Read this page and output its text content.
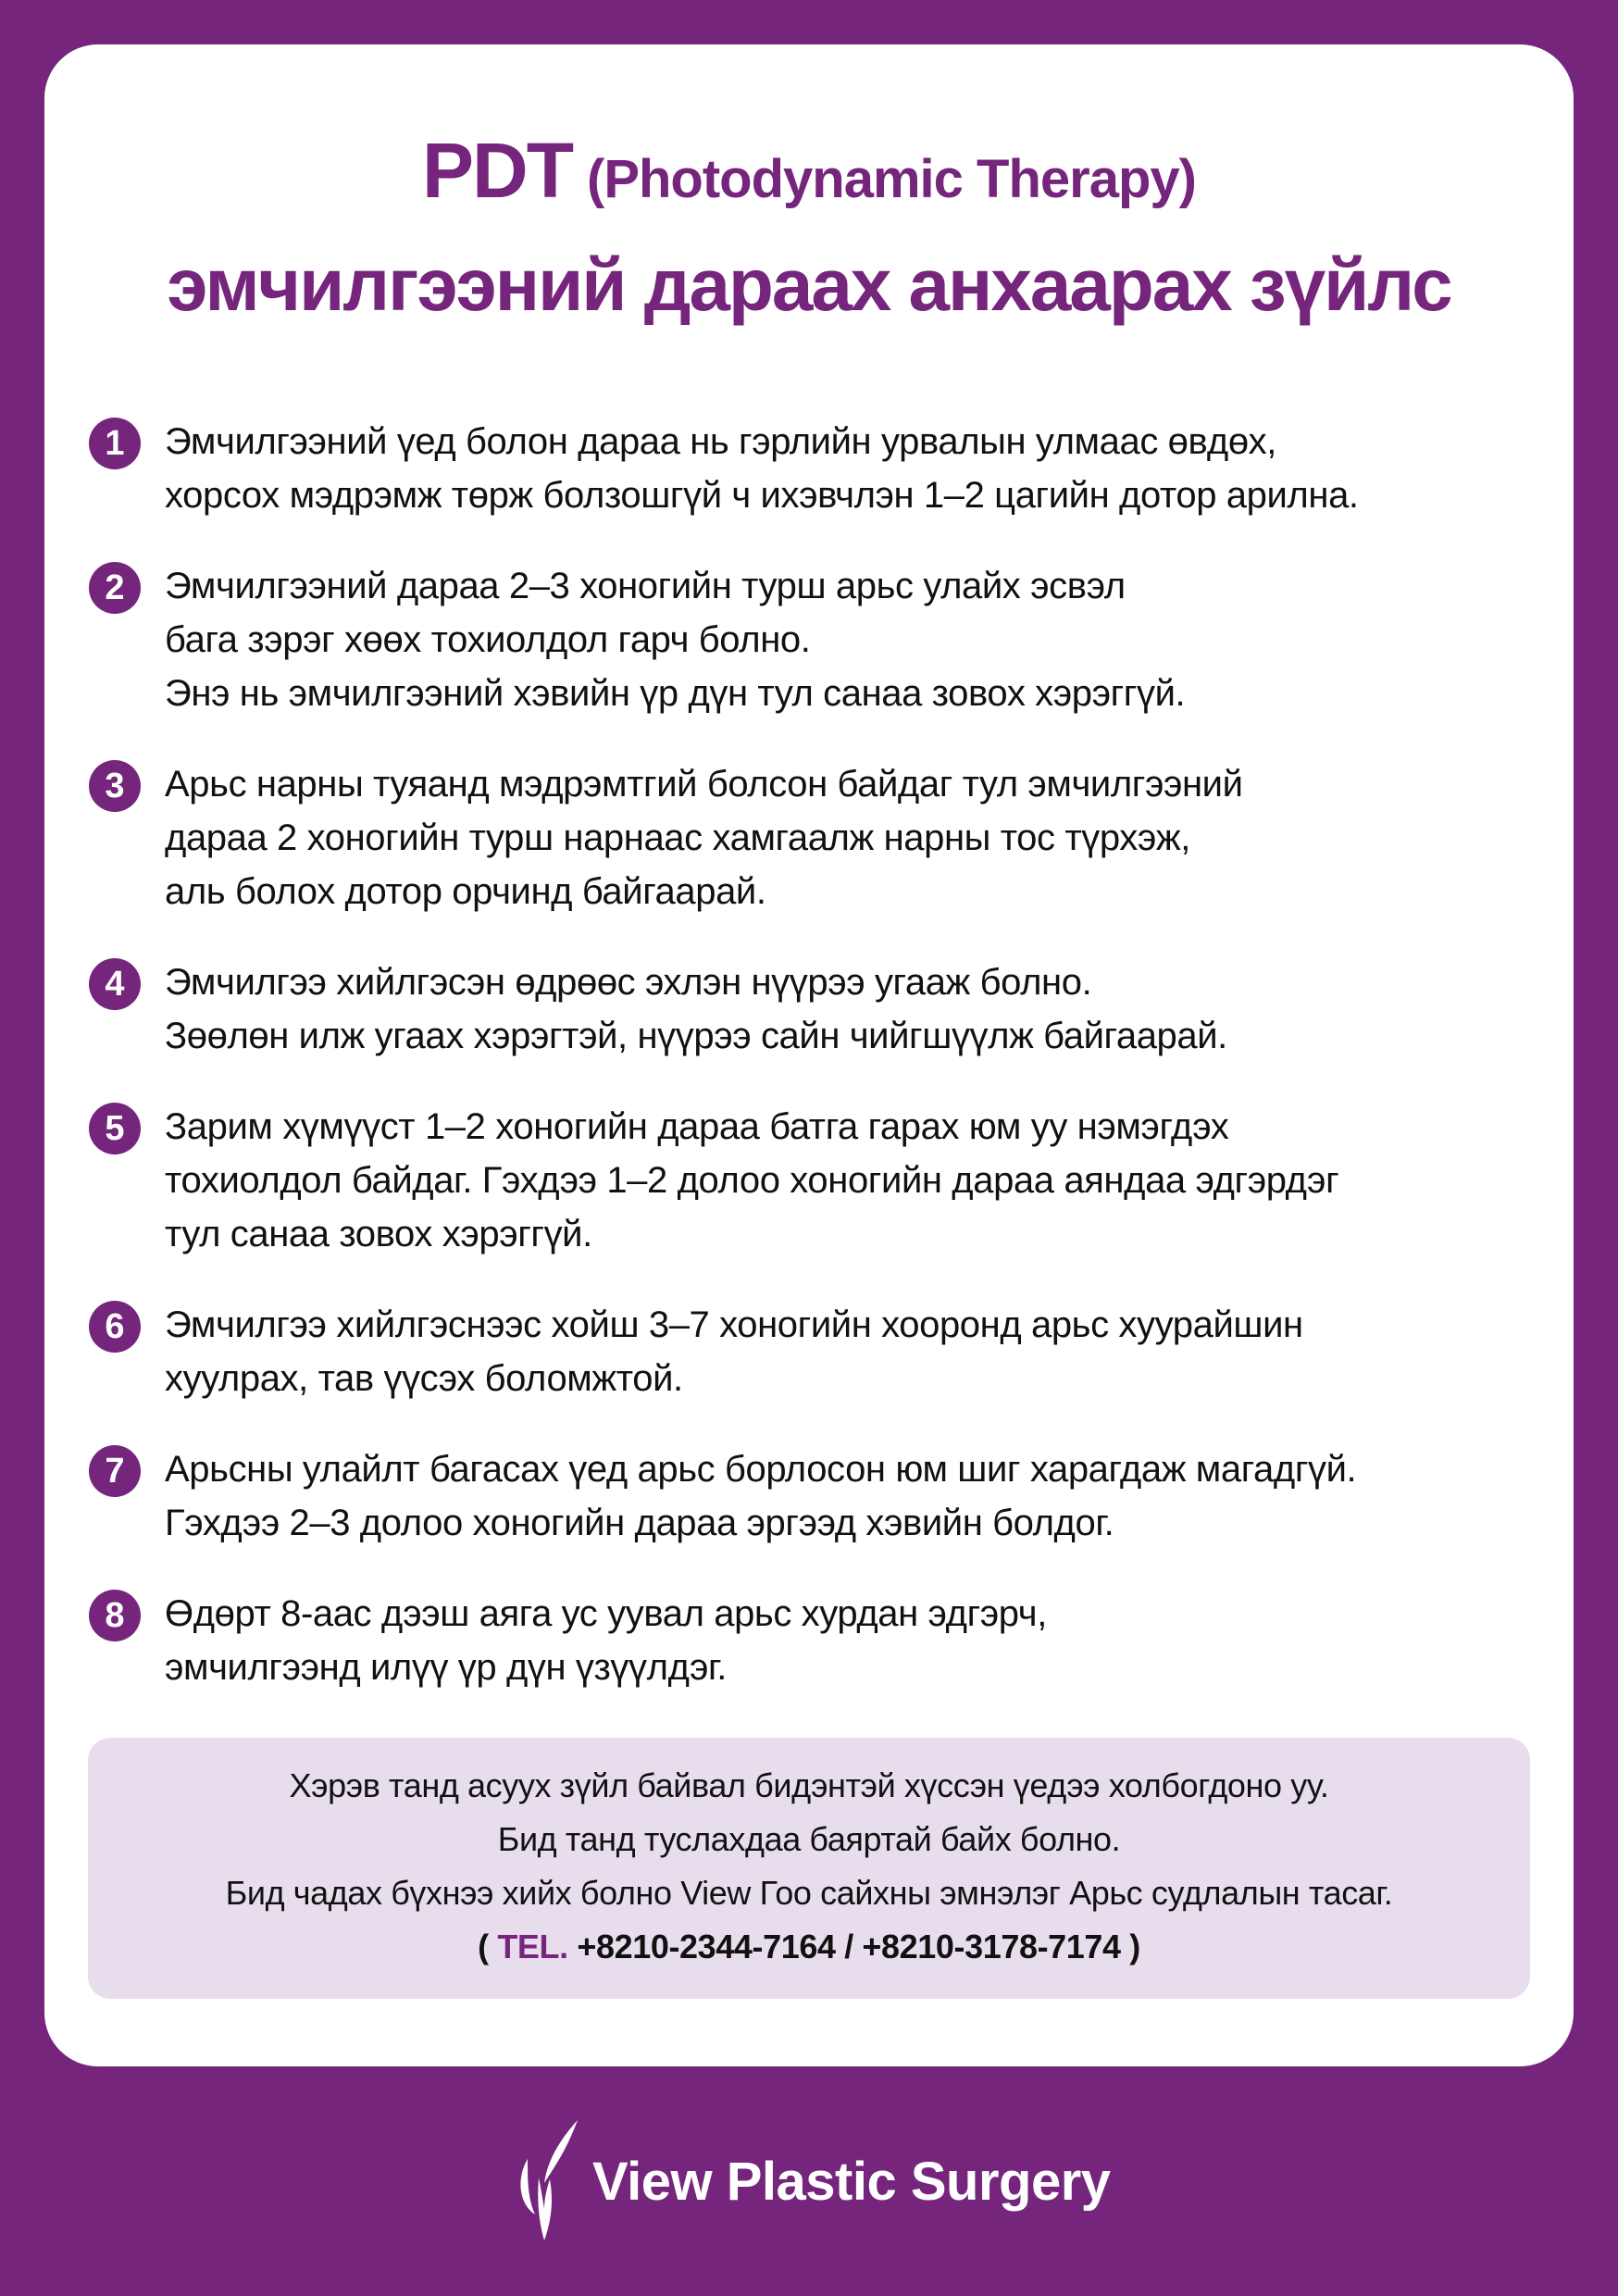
PDT (Photodynamic Therapy)
эмчилгээний дараах анхаарах зүйлс
1	Эмчилгээний үед болон дараа нь гэрлийн урвалын улмаас өвдөх,
хорсох мэдрэмж төрж болзошгүй ч ихэвчлэн 1–2 цагийн дотор арилна.
2	Эмчилгээний дараа 2–3 хоногийн турш арьс улайх эсвэл
бага зэрэг хөөх тохиолдол гарч болно.
Энэ нь эмчилгээний хэвийн үр дүн тул санаа зовох хэрэггүй.
3	Арьс нарны туяанд мэдрэмтгий болсон байдаг тул эмчилгээний
дараа 2 хоногийн турш нарнаас хамгаалж нарны тос түрхэж,
аль болох дотор орчинд байгаарай.
4	Эмчилгээ хийлгэсэн өдрөөс эхлэн нүүрээ угааж болно.
Зөөлөн илж угаах хэрэгтэй, нүүрээ сайн чийгшүүлж байгаарай.
5	Зарим хүмүүст 1–2 хоногийн дараа батга гарах юм уу нэмэгдэх
тохиолдол байдаг. Гэхдээ 1–2 долоо хоногийн дараа аяндаа эдгэрдэг
тул санаа зовох хэрэггүй.
6	Эмчилгээ хийлгэснээс хойш 3–7 хоногийн хооронд арьс хуурайшин
хуулрах, тав үүсэх боломжтой.
7	Арьсны улайлт багасах үед арьс борлосон юм шиг харагдаж магадгүй.
Гэхдээ 2–3 долоо хоногийн дараа эргээд хэвийн болдог.
8	Өдөрт 8-аас дээш аяга ус уувал арьс хурдан эдгэрч,
эмчилгээнд илүү үр дүн үзүүлдэг.
Хэрэв танд асуух зүйл байвал бидэнтэй хүссэн үедээ холбогдоно уу.
Бид танд туслахдаа баяртай байх болно.
Бид чадах бүхнээ хийх болно View Гоо сайхны эмнэлэг Арьс судлалын тасаг.
( TEL. +8210-2344-7164 / +8210-3178-7174 )
View Plastic Surgery
